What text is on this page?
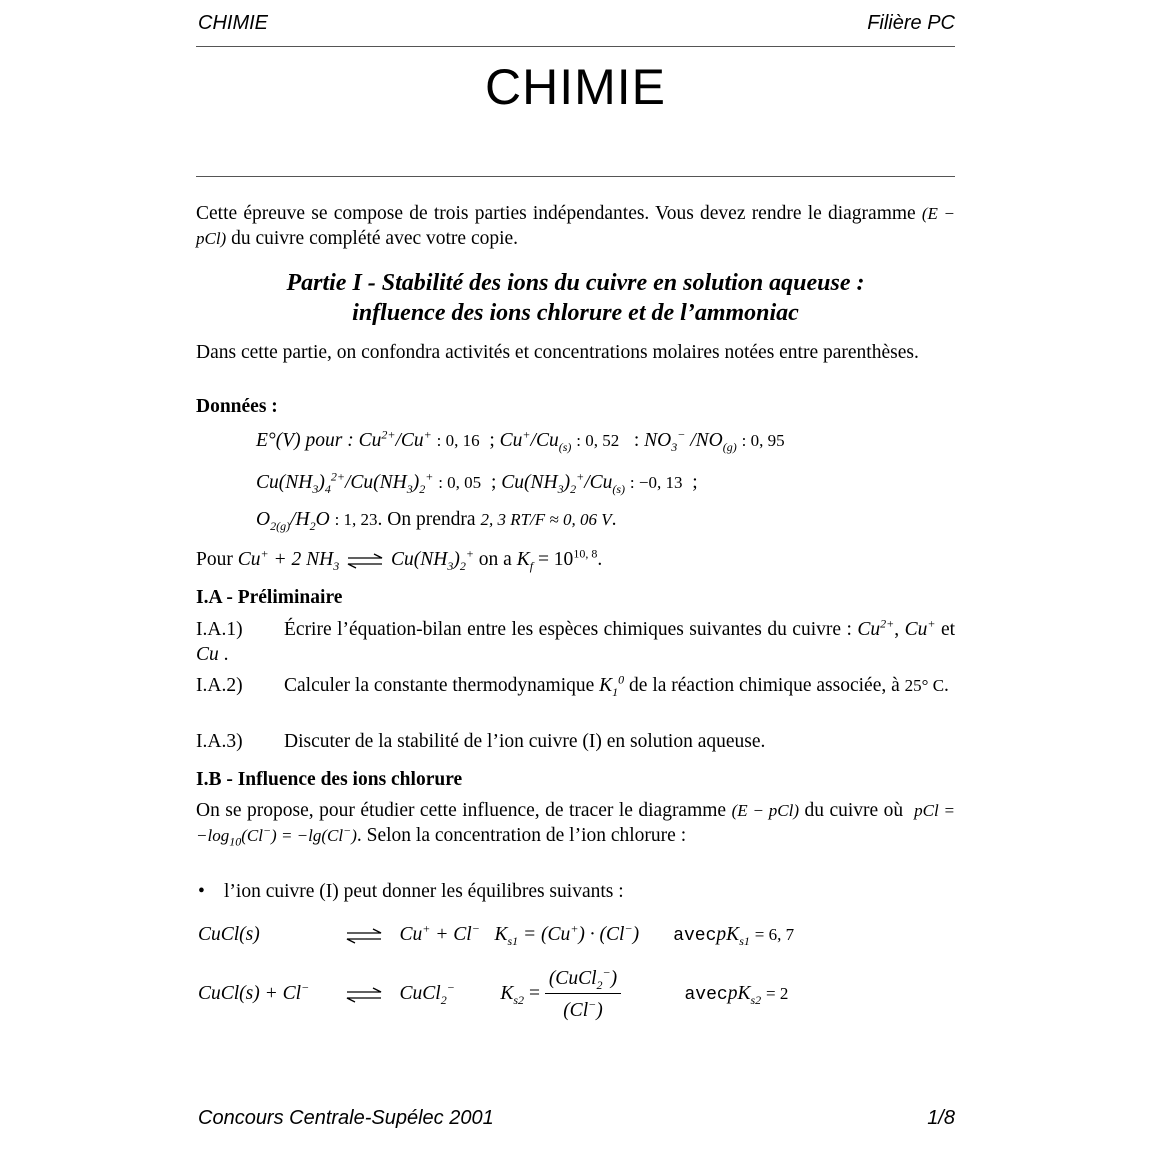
CHIMIE	Filière PC
CHIMIE
Cette épreuve se compose de trois parties indépendantes. Vous devez rendre le diagramme (E − pCl) du cuivre complété avec votre copie.
Partie I - Stabilité des ions du cuivre en solution aqueuse :
influence des ions chlorure et de l’ammoniac
Dans cette partie, on confondra activités et concentrations molaires notées entre parenthèses.
Données :
E°(V) pour : $Cu^{2+}/Cu^+$ : 0, 16  ; $Cu^+/Cu_{(s)}$ : 0, 52   : $NO_3^-$ $/NO_{(g)}$ : 0, 95
$Cu(NH_3)_4^{2+}/Cu(NH_3)_2^+$ : 0, 05  ; $Cu(NH_3)_2^+/Cu_{(s)}$ : −0, 13  ;
$O_{2(g)}/H_2O$ : 1, 23. On prendra 2, 3 RT/F ≈ 0, 06 V.
Pour Cu+ + 2 $NH_3$ ⇌ $Cu(NH_3)_2^+$ on a $K_f = 10^{10, 8}$.
I.A - Préliminaire
I.A.1) Écrire l’équation-bilan entre les espèces chimiques suivantes du cuivre : $Cu^{2+}$, Cu+ et Cu .
I.A.2) Calculer la constante thermodynamique $K_1^0$ de la réaction chimique associée, à 25° C.
I.A.3) Discuter de la stabilité de l’ion cuivre (I) en solution aqueuse.
I.B - Influence des ions chlorure
On se propose, pour étudier cette influence, de tracer le diagramme (E − pCl) du cuivre où pCl = $-\log_{10}(Cl^-) = -\lg(Cl^-)$. Selon la concentration de l’ion chlorure :
• l’ion cuivre (I) peut donner les équilibres suivants :
CuCl(s)	⇌ Cu+ + Cl− $K_{s1} = (Cu^+) \cdot (Cl^-)$ avecpK$_{s1}$ = 6, 7
CuCl(s) + Cl− ⇌ CuCl$_2$− $K_{s2} = \frac{(CuCl_2^-)}{(Cl^-)}$	avecpK$_{s2}$ = 2
Concours Centrale-Supélec 2001	1/8
